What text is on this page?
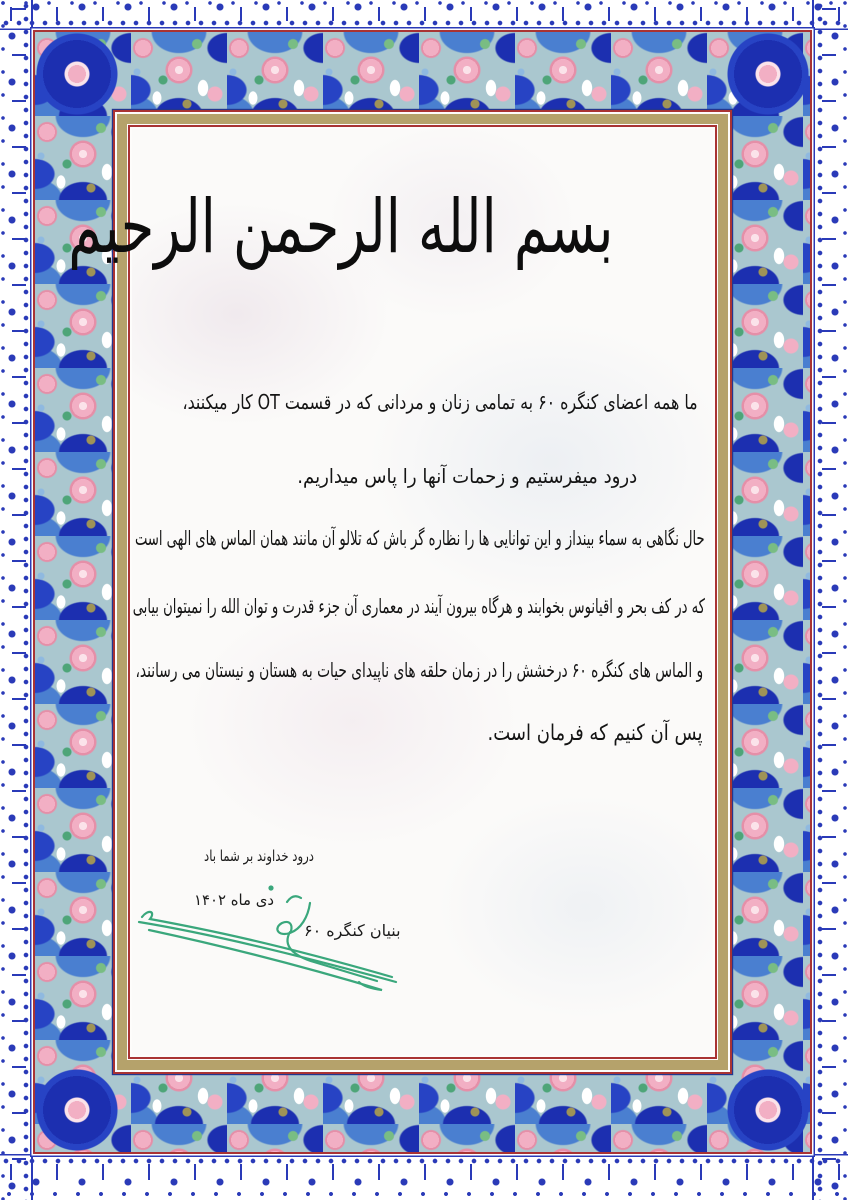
بسم الله الرحمن الرحیم
ما همه اعضای کنگره ۶۰ به تمامی زنان و مردانی که در قسمت OT کار میکنند،
درود میفرستیم و زحمات آنها را پاس میداریم.
حال نگاهی به سماء بینداز و این توانایی ها را نظاره گر باش که تلالو آن مانند همان الماس های الهی است
که در کف بحر و اقیانوس بخوابند و هرگاه بیرون آیند در معماری آن جزء قدرت و توان الله را نمیتوان بیابی
و الماس های کنگره ۶۰ درخشش را در زمان حلقه های ناپیدای حیات به هستان و نیستان می رسانند،
پس آن کنیم که فرمان است.
درود خداوند بر شما باد
دی ماه ۱۴۰۲
بنیان کنگره ۶۰
